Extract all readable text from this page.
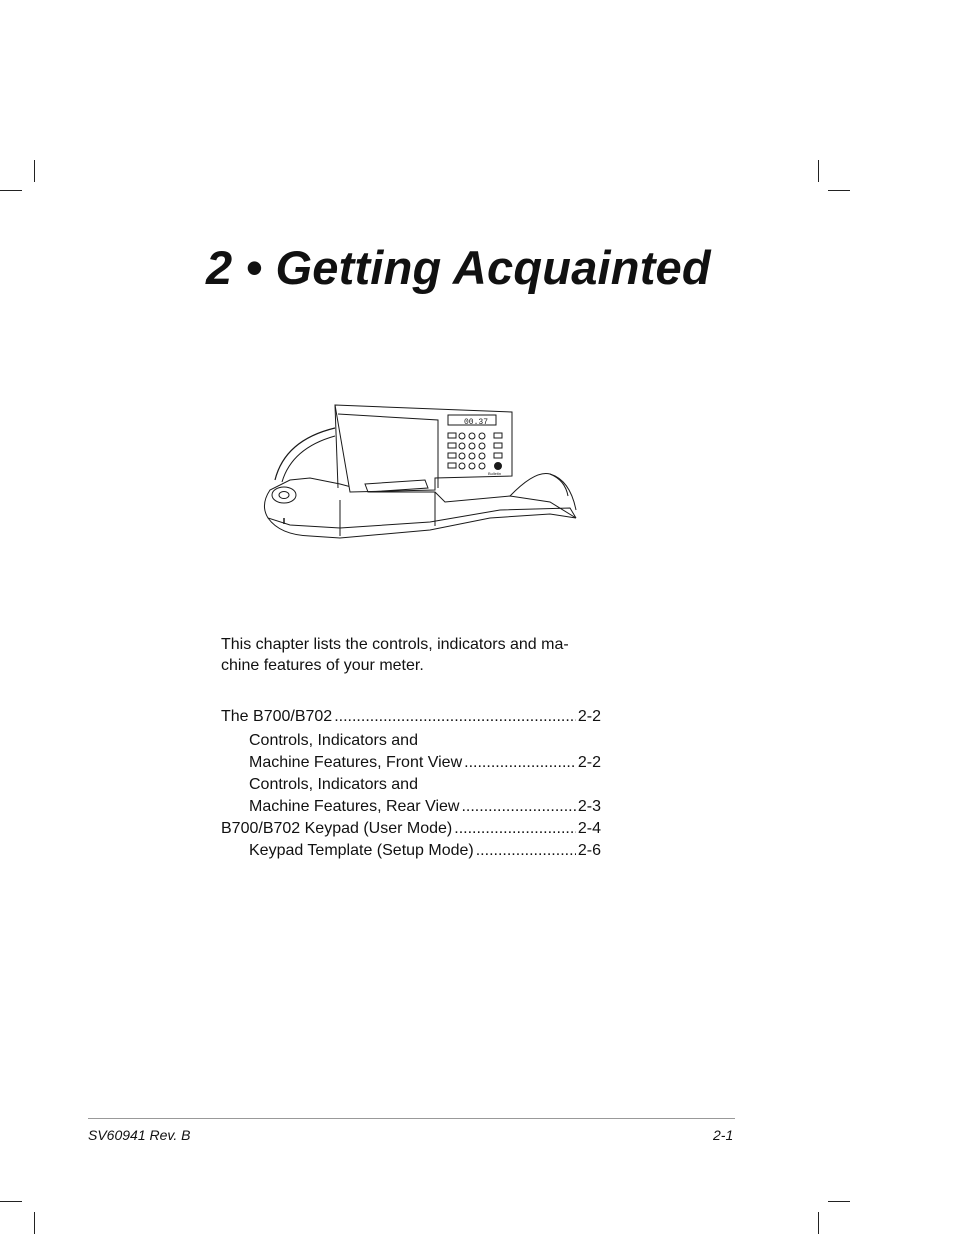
2 • Getting Acquainted
00.37
Bulletin

This chapter lists the controls, indicators and ma-
chine features of your meter.

The B700/B702 .....	2-2
Controls, Indicators and
Machine Features, Front View .....	2-2
Controls, Indicators and
Machine Features, Rear View .....	2-3
B700/B702 Keypad (User Mode) .....	2-4
Keypad Template (Setup Mode) .....	2-6
SV60941 Rev. B	2-1
